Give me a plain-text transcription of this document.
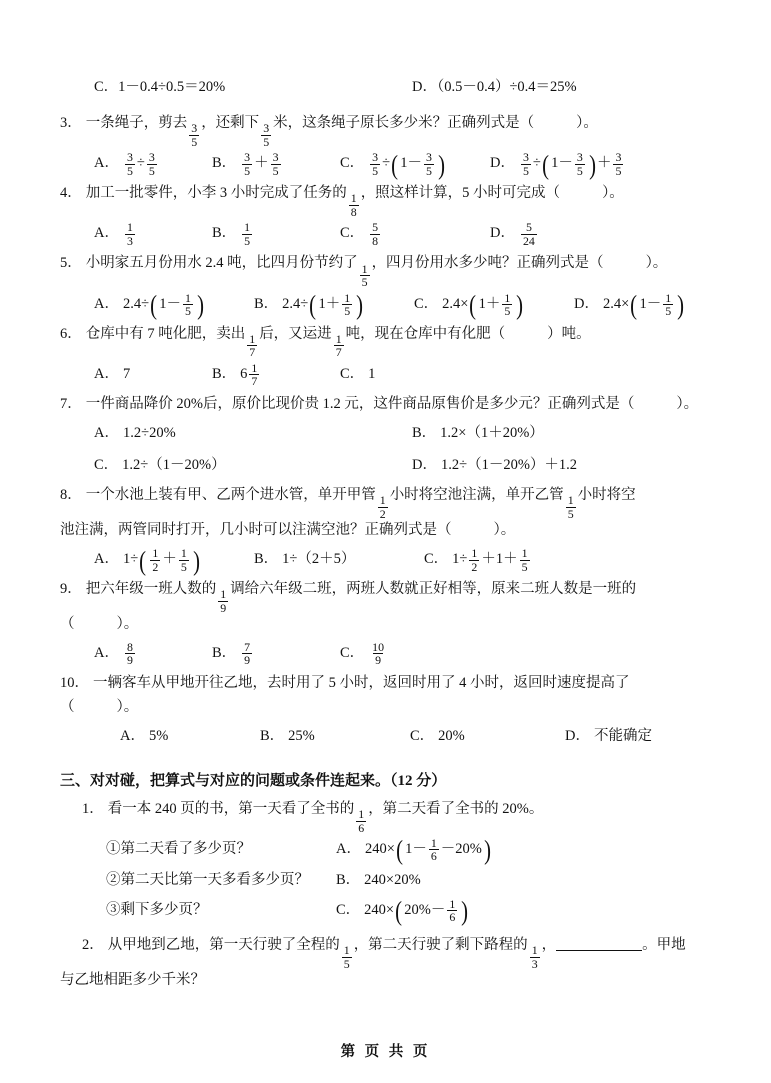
C．1－0.4÷0.5＝20%	D．（0.5－0.4）÷0.4＝25%
3． 一条绳子，剪去 $\frac{3}{5}$ ，还剩下 $\frac{3}{5}$ 米，这条绳子原长多少米？正确列式是（	）。
A． $\frac{3}{5} \div \frac{3}{5}$	B． $\frac{3}{5} + \frac{3}{5}$	C． $\frac{3}{5}$ ÷ ( $1- \frac{3}{5}$ )	D． $\frac{3}{5}$ ÷ ( $1- \frac{3}{5}$ ) ＋ $\frac{3}{5}$
4． 加工一批零件，小李 3 小时完成了任务的 $\frac{1}{8}$ ，照这样计算，5 小时可完成（	）。
A． $\frac{1}{3}$	B． $\frac{1}{5}$	C． $\frac{5}{8}$	D． $\frac{5}{24}$
5． 小明家五月份用水 2.4 吨，比四月份节约了 $\frac{1}{5}$ ，四月份用水多少吨？正确列式是（	）。
A． 2.4÷ ( $1- \frac{1}{5}$ )	B． 2.4÷ ( $1+ \frac{1}{5}$ )	C． 2.4× ( $1+ \frac{1}{5}$ )	D． 2.4× ( $1- \frac{1}{5}$ )
6． 仓库中有 7 吨化肥，卖出 $\frac{1}{7}$ 后，又运进 $\frac{1}{7}$ 吨，现在仓库中有化肥（	）吨。
A． 7	B． $6 \frac{1}{7}$	C． 1
7． 一件商品降价 20%后，原价比现价贵 1.2 元，这件商品原售价是多少元？正确列式是（	）。
A． 1.2÷20%	B． 1.2×（1＋20%）
C． 1.2÷（1－20%）	D． 1.2÷（1－20%）＋1.2
8． 一个水池上装有甲、乙两个进水管，单开甲管 $\frac{1}{2}$ 小时将空池注满，单开乙管 $\frac{1}{5}$ 小时将空
池注满，两管同时打开，几小时可以注满空池？正确列式是（	）。
A． 1÷ ( $\frac{1}{2} + \frac{1}{5}$ )	B． 1÷（2＋5）	C． $1\div \frac{1}{2} +1+ \frac{1}{5}$
9． 把六年级一班人数的 $\frac{1}{9}$ 调给六年级二班，两班人数就正好相等，原来二班人数是一班的
（	）。
A． $\frac{8}{9}$	B． $\frac{7}{9}$	C． $\frac{10}{9}$
10． 一辆客车从甲地开往乙地，去时用了 5 小时，返回时用了 4 小时，返回时速度提高了
（	）。
A． 5%	B． 25%	C． 20%	D． 不能确定
三、对对碰，把算式与对应的问题或条件连起来。（12 分）
1． 看一本 240 页的书，第一天看了全书的 $\frac{1}{6}$ ，第二天看了全书的 20%。
①第二天看了多少页？	A． 240× ( $1- \frac{1}{6} -20\%$ )
②第二天比第一天多看多少页？	B． 240×20%
③剩下多少页？	C． 240× ( $20\%- \frac{1}{6}$ )
2． 从甲地到乙地，第一天行驶了全程的 $\frac{1}{5}$ ，第二天行驶了剩下路程的 $\frac{1}{3}$ ，	。甲地
与乙地相距多少千米？
第 页 共 页
